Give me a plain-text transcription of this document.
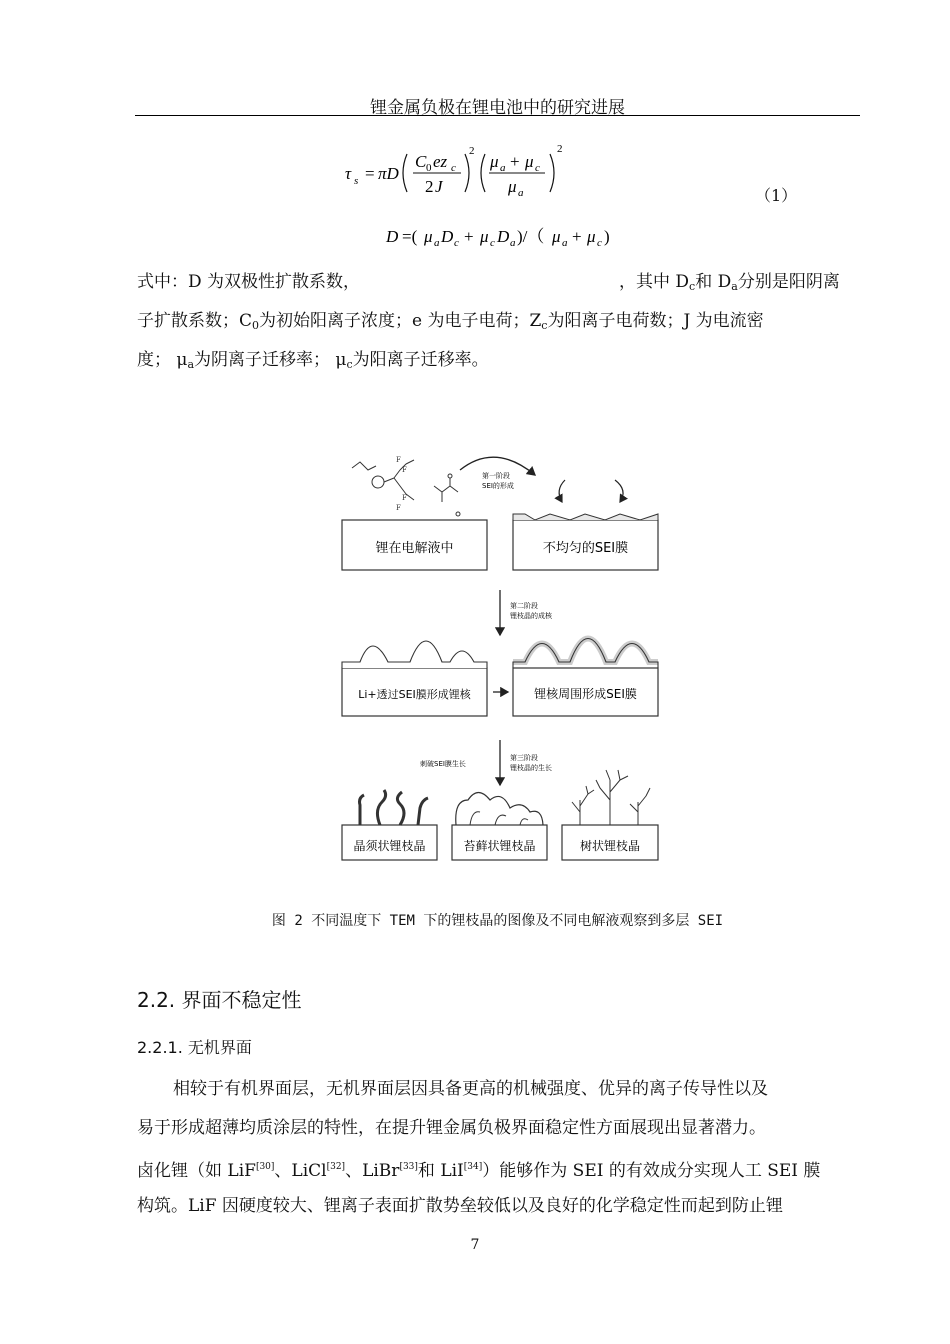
锂金属负极在锂电池中的研究进展
τ s = πD
C 0 ez c
2 J
2
μ a + μ c
μ a
2
（1）
D =( μ a D c + μ c D a )/（ μ a + μ c )
式中：D 为双极性扩散系数，	，其中 $D_c$和 $D_a$分别是阳阴离
子扩散系数；$C_0$为初始阳离子浓度；e 为电子电荷；$Z_c$为阳离子电荷数；J 为电流密
度； $\mu_a$为阴离子迁移率； $\mu_c$为阳离子迁移率。
F
F
F
F
第一阶段
SEI的形成
锂在电解液中	不均匀的SEI膜
第二阶段
锂枝晶的成核
Li+透过SEI膜形成锂核	锂核周围形成SEI膜
第三阶段
锂枝晶的生长
刺破SEI膜生长
晶须状锂枝晶	苔藓状锂枝晶	树状锂枝晶
图 2 不同温度下 TEM 下的锂枝晶的图像及不同电解液观察到多层 SEI
2.2. 界面不稳定性
2.2.1. 无机界面
相较于有机界面层，无机界面层因具备更高的机械强度、优异的离子传导性以及
易于形成超薄均质涂层的特性，在提升锂金属负极界面稳定性方面展现出显著潜力。
卤化锂（如 LiF[30]、LiCl[32]、LiBr[33]和 LiI[34]）能够作为 SEI 的有效成分实现人工 SEI 膜
构筑。LiF 因硬度较大、锂离子表面扩散势垒较低以及良好的化学稳定性而起到防止锂
7
